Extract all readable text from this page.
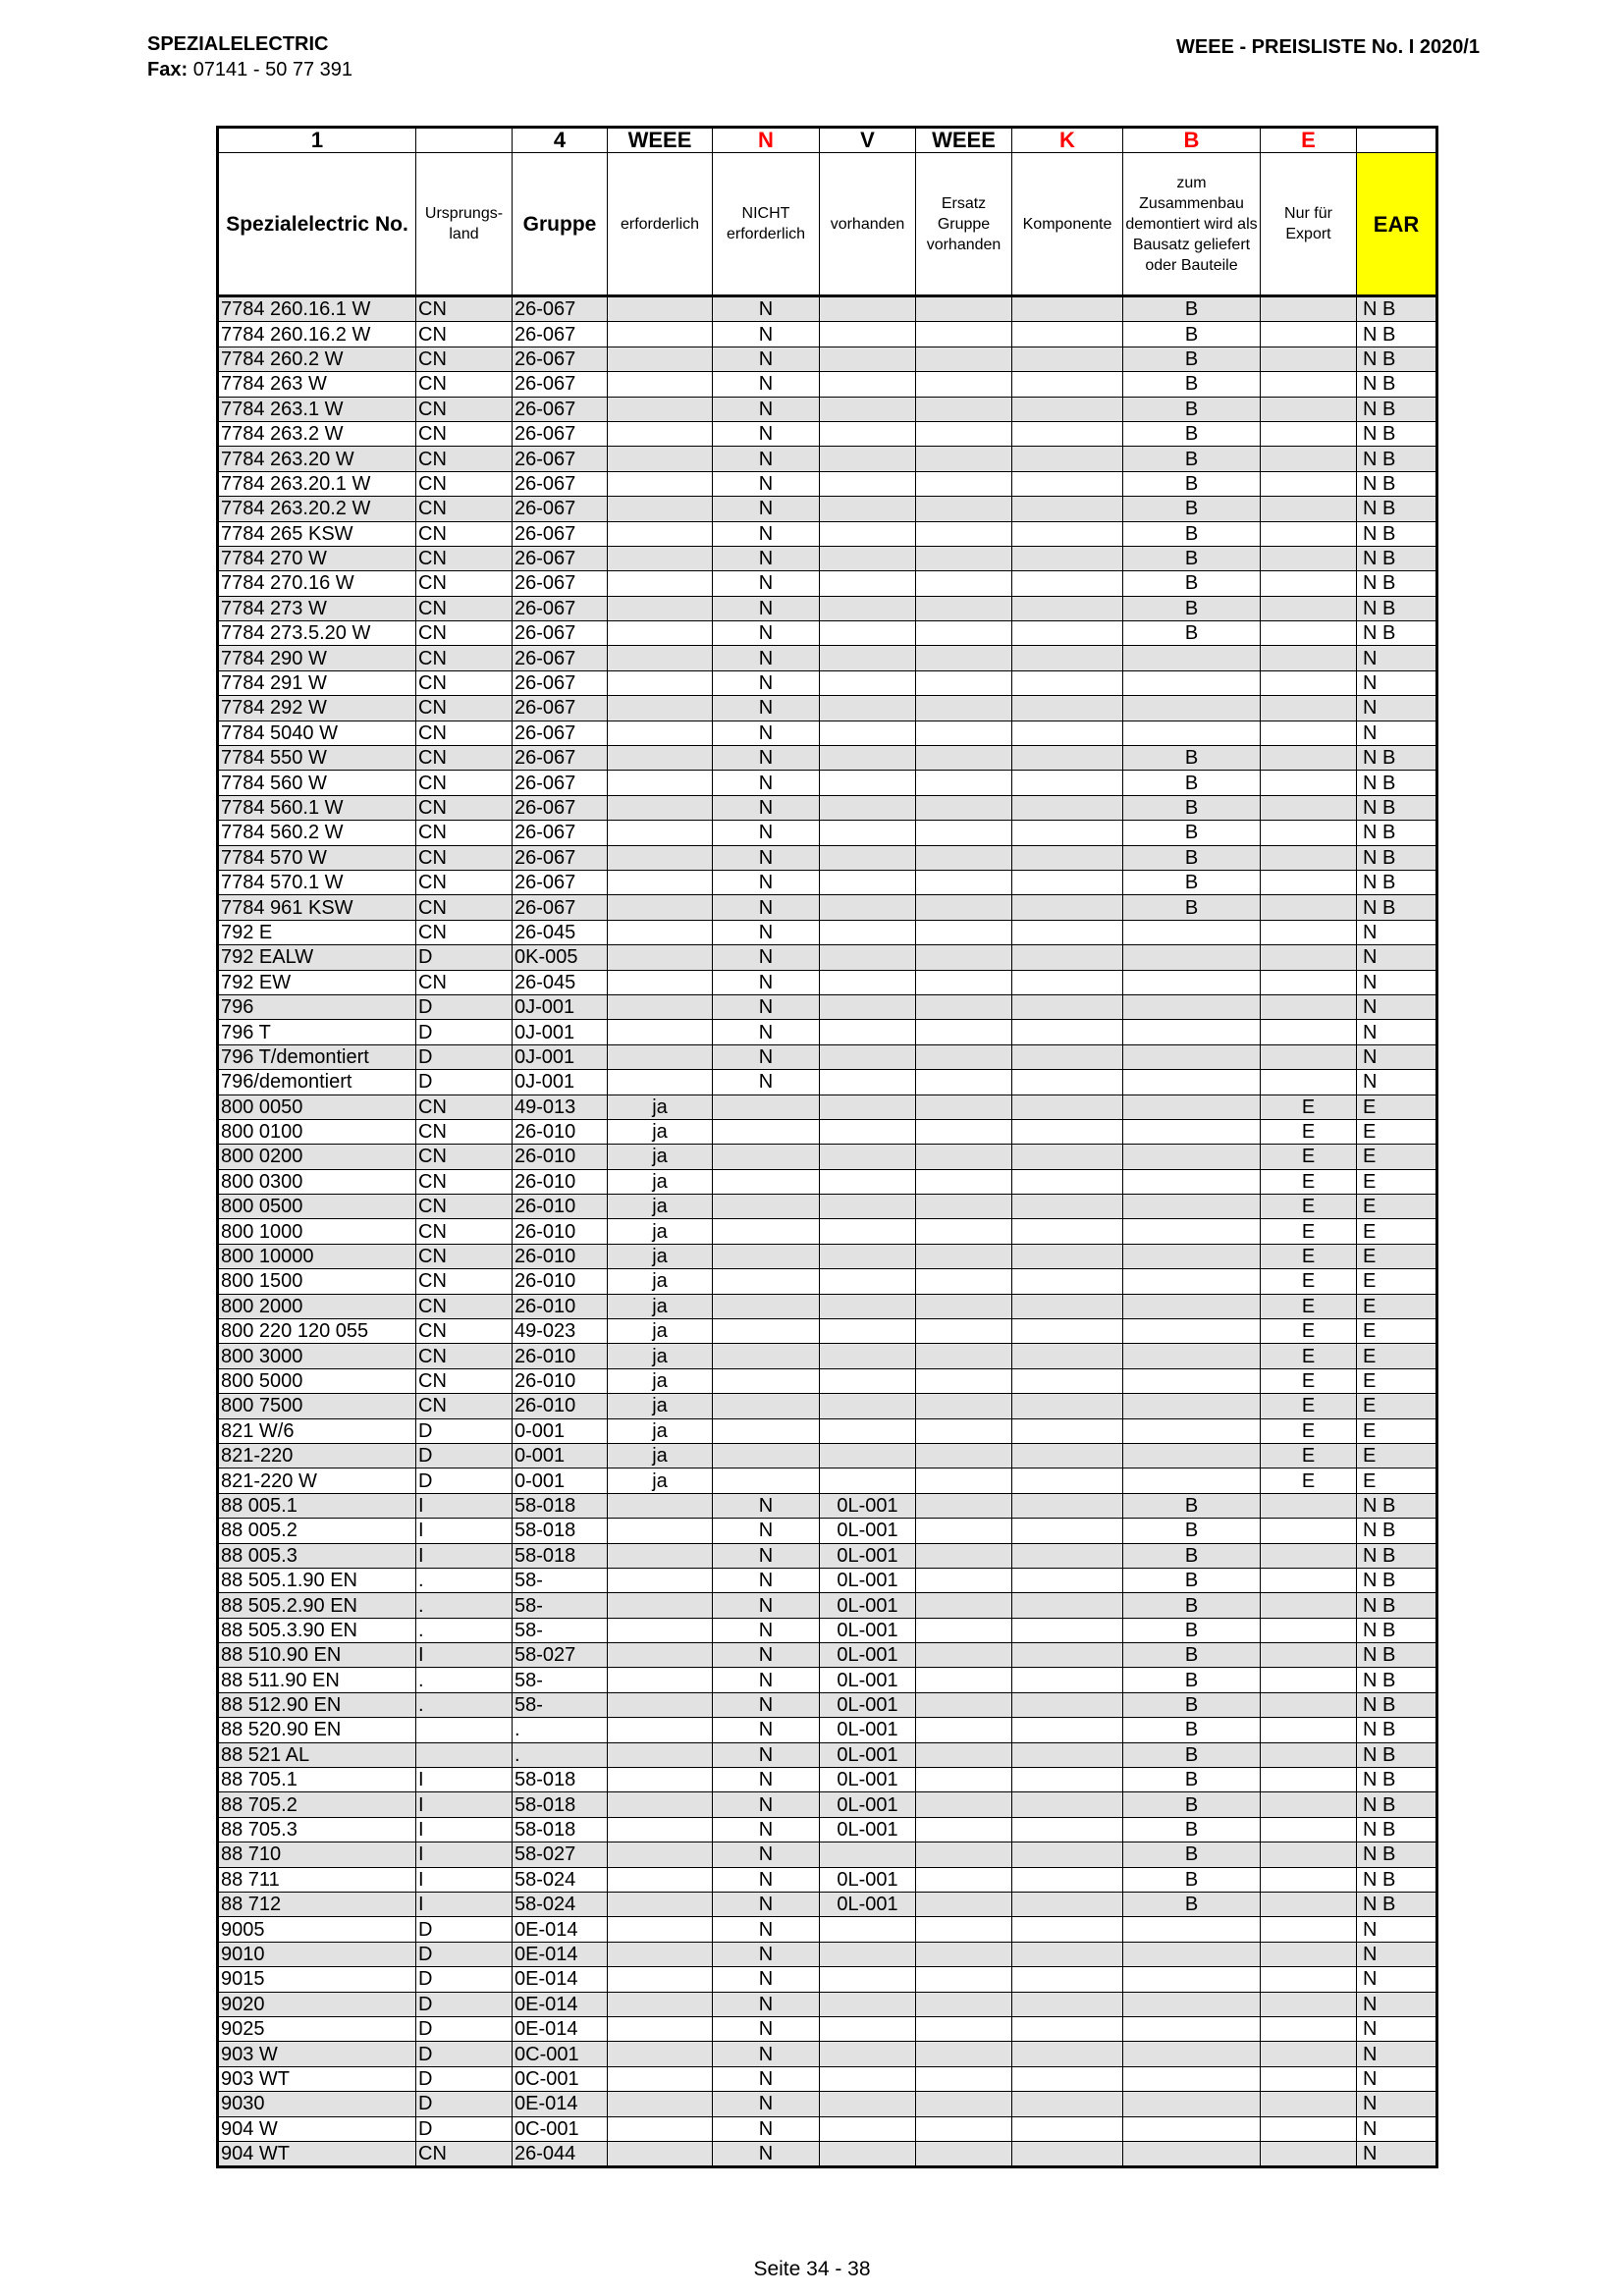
SPEZIALELECTRIC
Fax: 07141 - 50 77 391
WEEE - PREISLISTE No. I 2020/1
1		4	WEEE	N	V	WEEE	K	B	E	
Spezialelectric No.	Ursprungs-land	Gruppe	erforderlich	NICHT erforderlich	vorhanden	Ersatz Gruppe vorhanden	Komponente	zum Zusammenbau demontiert wird als Bausatz geliefert oder Bauteile	Nur für Export	EAR
7784 260.16.1 W	CN	26-067		N				B		N B
7784 260.16.2 W	CN	26-067		N				B		N B
7784 260.2 W	CN	26-067		N				B		N B
7784 263 W	CN	26-067		N				B		N B
7784 263.1 W	CN	26-067		N				B		N B
7784 263.2 W	CN	26-067		N				B		N B
7784 263.20 W	CN	26-067		N				B		N B
7784 263.20.1 W	CN	26-067		N				B		N B
7784 263.20.2 W	CN	26-067		N				B		N B
7784 265 KSW	CN	26-067		N				B		N B
7784 270 W	CN	26-067		N				B		N B
7784 270.16 W	CN	26-067		N				B		N B
7784 273 W	CN	26-067		N				B		N B
7784 273.5.20 W	CN	26-067		N				B		N B
7784 290 W	CN	26-067		N						N
7784 291 W	CN	26-067		N						N
7784 292 W	CN	26-067		N						N
7784 5040 W	CN	26-067		N						N
7784 550 W	CN	26-067		N				B		N B
7784 560 W	CN	26-067		N				B		N B
7784 560.1 W	CN	26-067		N				B		N B
7784 560.2 W	CN	26-067		N				B		N B
7784 570 W	CN	26-067		N				B		N B
7784 570.1 W	CN	26-067		N				B		N B
7784 961 KSW	CN	26-067		N				B		N B
792 E	CN	26-045		N						N
792 EALW	D	0K-005		N						N
792 EW	CN	26-045		N						N
796	D	0J-001		N						N
796 T	D	0J-001		N						N
796 T/demontiert	D	0J-001		N						N
796/demontiert	D	0J-001		N						N
800 0050	CN	49-013	ja						E	E
800 0100	CN	26-010	ja						E	E
800 0200	CN	26-010	ja						E	E
800 0300	CN	26-010	ja						E	E
800 0500	CN	26-010	ja						E	E
800 1000	CN	26-010	ja						E	E
800 10000	CN	26-010	ja						E	E
800 1500	CN	26-010	ja						E	E
800 2000	CN	26-010	ja						E	E
800 220 120 055	CN	49-023	ja						E	E
800 3000	CN	26-010	ja						E	E
800 5000	CN	26-010	ja						E	E
800 7500	CN	26-010	ja						E	E
821 W/6	D	0-001	ja						E	E
821-220	D	0-001	ja						E	E
821-220 W	D	0-001	ja						E	E
88 005.1	I	58-018		N	0L-001			B		N B
88 005.2	I	58-018		N	0L-001			B		N B
88 005.3	I	58-018		N	0L-001			B		N B
88 505.1.90 EN	.	58-		N	0L-001			B		N B
88 505.2.90 EN	.	58-		N	0L-001			B		N B
88 505.3.90 EN	.	58-		N	0L-001			B		N B
88 510.90 EN	I	58-027		N	0L-001			B		N B
88 511.90 EN	.	58-		N	0L-001			B		N B
88 512.90 EN	.	58-		N	0L-001			B		N B
88 520.90 EN		.		N	0L-001			B		N B
88 521 AL		.		N	0L-001			B		N B
88 705.1	I	58-018		N	0L-001			B		N B
88 705.2	I	58-018		N	0L-001			B		N B
88 705.3	I	58-018		N	0L-001			B		N B
88 710	I	58-027		N				B		N B
88 711	I	58-024		N	0L-001			B		N B
88 712	I	58-024		N	0L-001			B		N B
9005	D	0E-014		N						N
9010	D	0E-014		N						N
9015	D	0E-014		N						N
9020	D	0E-014		N						N
9025	D	0E-014		N						N
903 W	D	0C-001		N						N
903 WT	D	0C-001		N						N
9030	D	0E-014		N						N
904 W	D	0C-001		N						N
904 WT	CN	26-044		N						N
Seite 34 - 38
